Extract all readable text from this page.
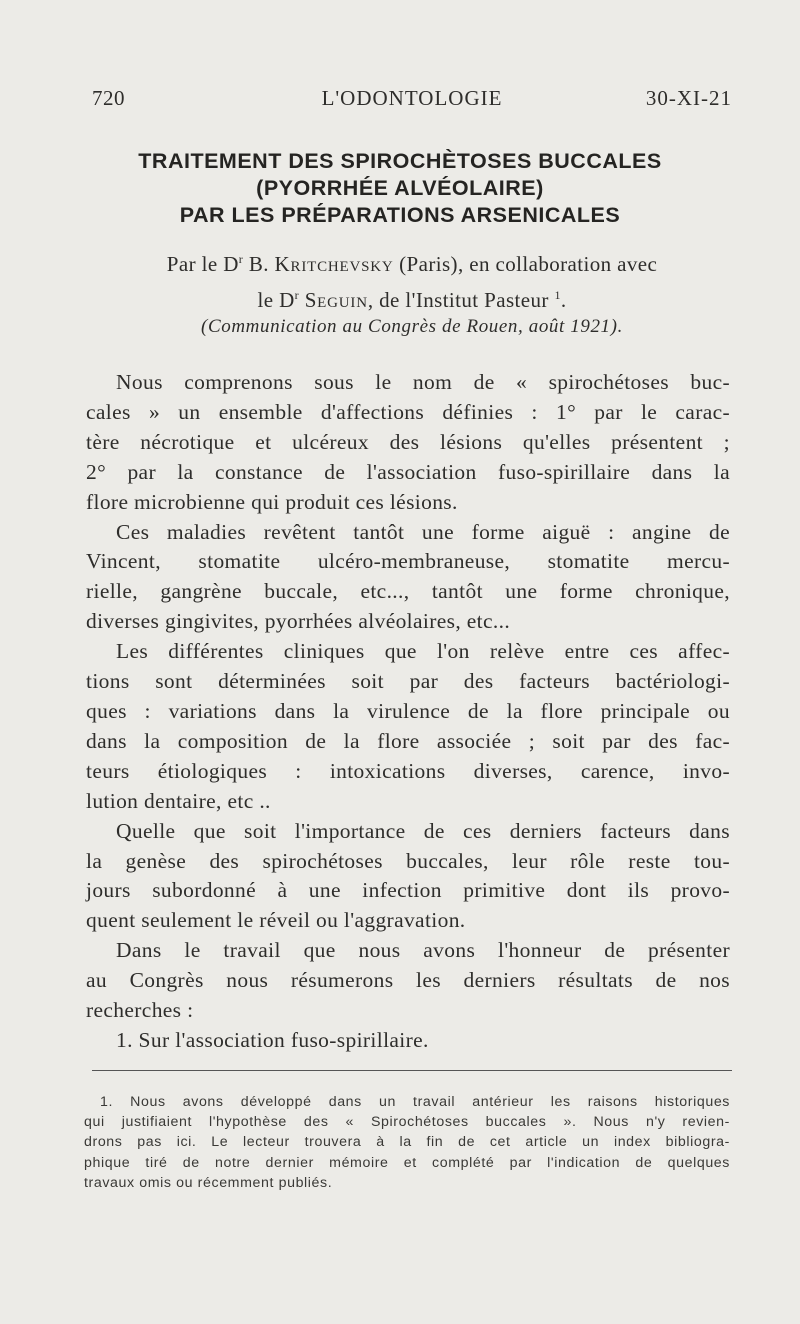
720	L'ODONTOLOGIE	30-XI-21
TRAITEMENT DES SPIROCHÈTOSES BUCCALES
(PYORRHÉE ALVÉOLAIRE)
PAR LES PRÉPARATIONS ARSENICALES
Par le $D^r$ B. Kritchevsky (Paris), en collaboration avec
le $D^r$ Seguin, de l'Institut Pasteur $^1$.
(Communication au Congrès de Rouen, août 1921).

Nous comprenons sous le nom de « spirochétoses buc-
cales » un ensemble d'affections définies : 1° par le carac-
tère nécrotique et ulcéreux des lésions qu'elles présentent ;
2° par la constance de l'association fuso-spirillaire dans la
flore microbienne qui produit ces lésions.

Ces maladies revêtent tantôt une forme aiguë : angine de
Vincent, stomatite ulcéro-membraneuse, stomatite mercu-
rielle, gangrène buccale, etc..., tantôt une forme chronique,
diverses gingivites, pyorrhées alvéolaires, etc...

Les différentes cliniques que l'on relève entre ces affec-
tions sont déterminées soit par des facteurs bactériologi-
ques : variations dans la virulence de la flore principale ou
dans la composition de la flore associée ; soit par des fac-
teurs étiologiques : intoxications diverses, carence, invo-
lution dentaire, etc ..

Quelle que soit l'importance de ces derniers facteurs dans
la genèse des spirochétoses buccales, leur rôle reste tou-
jours subordonné à une infection primitive dont ils provo-
quent seulement le réveil ou l'aggravation.

Dans le travail que nous avons l'honneur de présenter
au Congrès nous résumerons les derniers résultats de nos
recherches :

1. Sur l'association fuso-spirillaire.

1. Nous avons développé dans un travail antérieur les raisons historiques
qui justifiaient l'hypothèse des « Spirochétoses buccales ». Nous n'y revien-
drons pas ici. Le lecteur trouvera à la fin de cet article un index bibliogra-
phique tiré de notre dernier mémoire et complété par l'indication de quelques
travaux omis ou récemment publiés.
